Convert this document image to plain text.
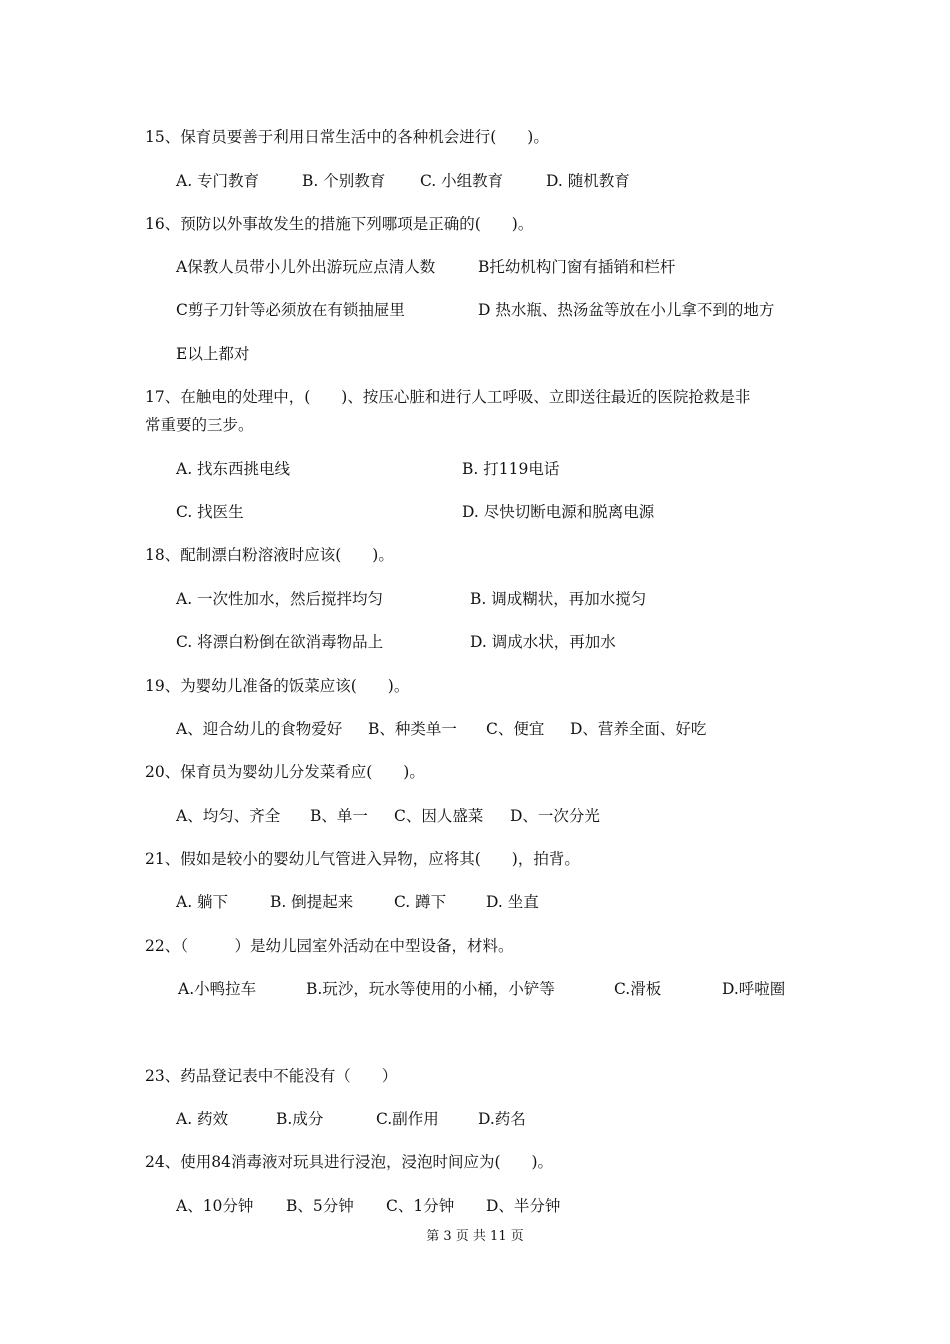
15、保育员要善于利用日常生活中的各种机会进行(　　)。
A. 专门教育	B. 个别教育 C. 小组教育	D. 随机教育
16、预防以外事故发生的措施下列哪项是正确的(　　)。
A保教人员带小儿外出游玩应点清人数	B托幼机构门窗有插销和栏杆
C剪子刀针等必须放在有锁抽屉里	D 热水瓶、热汤盆等放在小儿拿不到的地方
E以上都对
17、在触电的处理中，(　　)、按压心脏和进行人工呼吸、立即送往最近的医院抢救是非
常重要的三步。
A. 找东西挑电线	B. 打119电话
C. 找医生	D. 尽快切断电源和脱离电源
18、配制漂白粉溶液时应该(　　)。
A. 一次性加水，然后搅拌均匀	B. 调成糊状，再加水搅匀
C. 将漂白粉倒在欲消毒物品上	D. 调成水状，再加水
19、为婴幼儿准备的饭菜应该(　　)。
A、迎合幼儿的食物爱好 B、种类单一 C、便宜 D、营养全面、好吃
20、保育员为婴幼儿分发菜肴应(　　)。
A、均匀、齐全 B、单一 C、因人盛菜 D、一次分光
21、假如是较小的婴幼儿气管进入异物，应将其(　　)，拍背。
A. 躺下	B. 倒提起来	C. 蹲下	D. 坐直
22、（　　　）是幼儿园室外活动在中型设备，材料。
A.小鸭拉车	B.玩沙，玩水等使用的小桶，小铲等	C.滑板	D.呼啦圈
23、药品登记表中不能没有（　　）
A. 药效	B.成分	C.副作用	D.药名
24、使用84消毒液对玩具进行浸泡，浸泡时间应为(　　)。
A、10分钟 B、5分钟 C、1分钟 D、半分钟
第 3 页 共 11 页
